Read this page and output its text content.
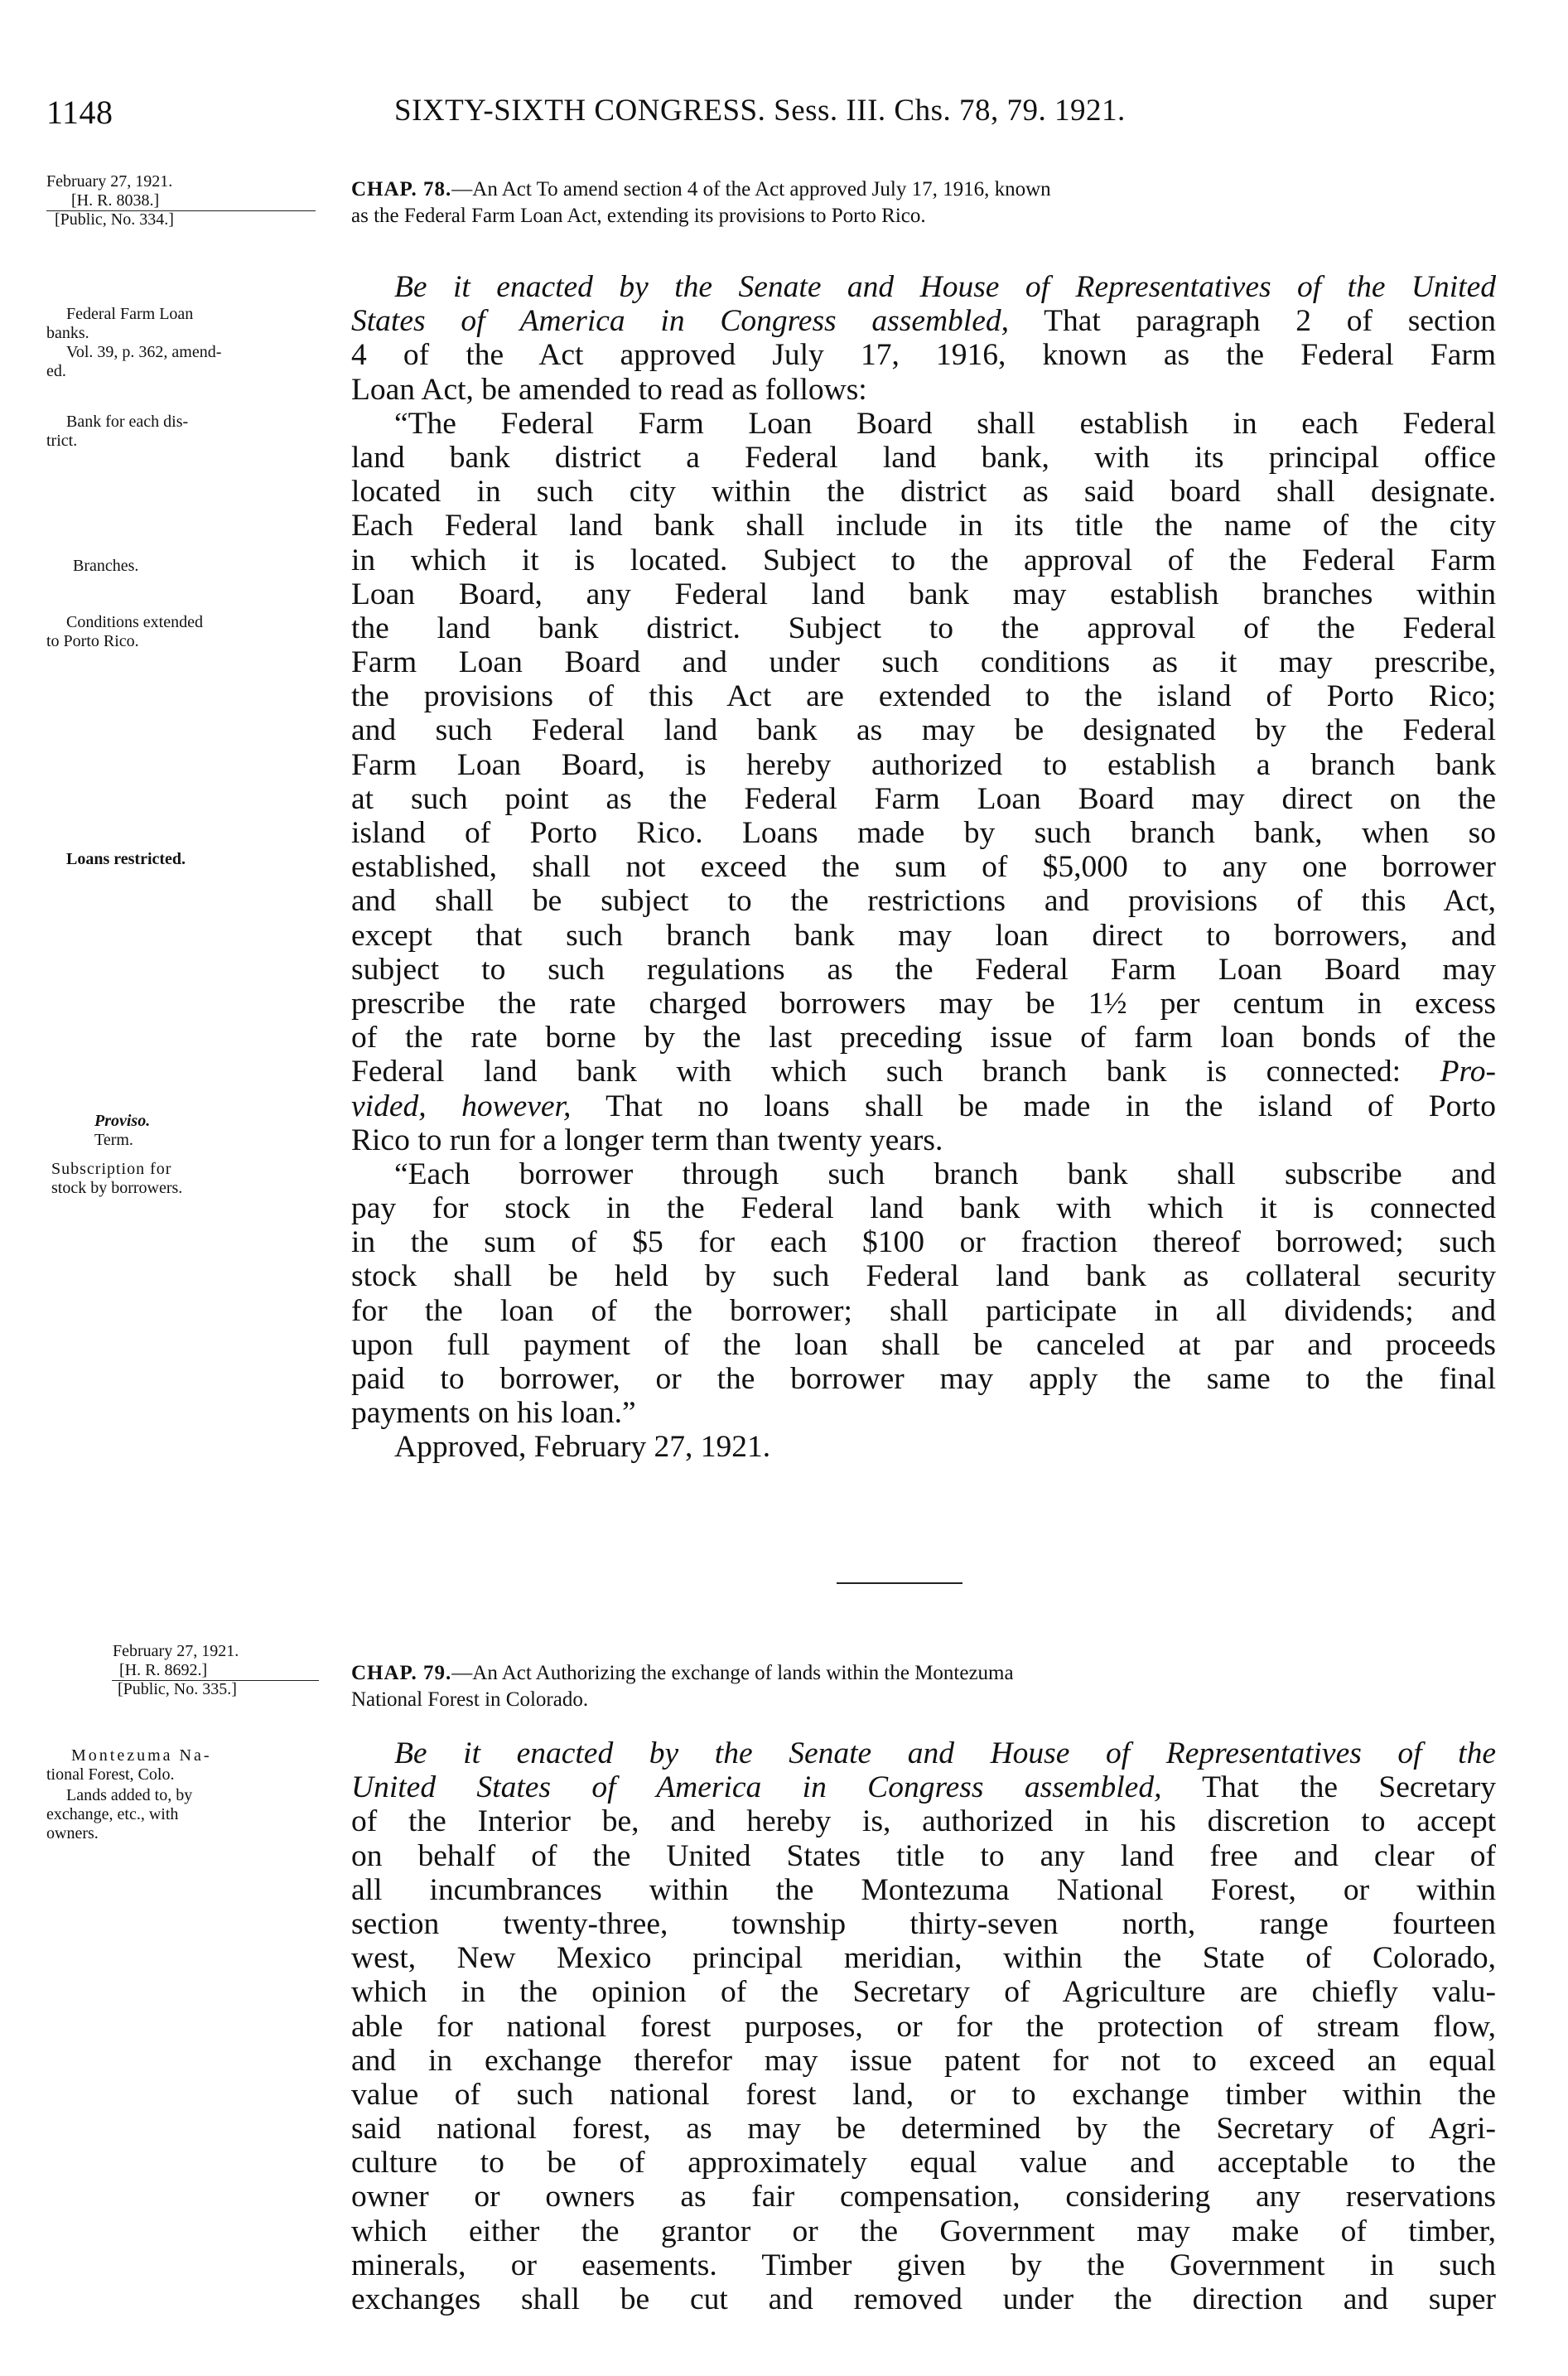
1148	SIXTY-SIXTH CONGRESS. Sess. III. Chs. 78, 79. 1921.
February 27, 1921.
[H. R. 8038.]
[Public, No. 334.]
CHAP. 78.—An Act To amend section 4 of the Act approved July 17, 1916, known
as the Federal Farm Loan Act, extending its provisions to Porto Rico.
Federal Farm Loan
banks.
Vol. 39, p. 362, amend-
ed.
Bank for each dis-
trict.
Branches.
Conditions extended
to Porto Rico.
Loans restricted.
Proviso.
Term.
Subscription for
stock by borrowers.
Be it enacted by the Senate and House of Representatives of the United
States of America in Congress assembled, That paragraph 2 of section
4 of the Act approved July 17, 1916, known as the Federal Farm
Loan Act, be amended to read as follows:
“The Federal Farm Loan Board shall establish in each Federal
land bank district a Federal land bank, with its principal office
located in such city within the district as said board shall designate.
Each Federal land bank shall include in its title the name of the city
in which it is located. Subject to the approval of the Federal Farm
Loan Board, any Federal land bank may establish branches within
the land bank district. Subject to the approval of the Federal
Farm Loan Board and under such conditions as it may prescribe,
the provisions of this Act are extended to the island of Porto Rico;
and such Federal land bank as may be designated by the Federal
Farm Loan Board, is hereby authorized to establish a branch bank
at such point as the Federal Farm Loan Board may direct on the
island of Porto Rico. Loans made by such branch bank, when so
established, shall not exceed the sum of $5,000 to any one borrower
and shall be subject to the restrictions and provisions of this Act,
except that such branch bank may loan direct to borrowers, and
subject to such regulations as the Federal Farm Loan Board may
prescribe the rate charged borrowers may be 1½ per centum in excess
of the rate borne by the last preceding issue of farm loan bonds of the
Federal land bank with which such branch bank is connected: Pro-
vided, however, That no loans shall be made in the island of Porto
Rico to run for a longer term than twenty years.
“Each borrower through such branch bank shall subscribe and
pay for stock in the Federal land bank with which it is connected
in the sum of $5 for each $100 or fraction thereof borrowed; such
stock shall be held by such Federal land bank as collateral security
for the loan of the borrower; shall participate in all dividends; and
upon full payment of the loan shall be canceled at par and proceeds
paid to borrower, or the borrower may apply the same to the final
payments on his loan.”
Approved, February 27, 1921.
February 27, 1921.
[H. R. 8692.]
[Public, No. 335.]
CHAP. 79.—An Act Authorizing the exchange of lands within the Montezuma
National Forest in Colorado.
Montezuma Na-
tional Forest, Colo.
Lands added to, by
exchange, etc., with
owners.
Be it enacted by the Senate and House of Representatives of the
United States of America in Congress assembled, That the Secretary
of the Interior be, and hereby is, authorized in his discretion to accept
on behalf of the United States title to any land free and clear of
all incumbrances within the Montezuma National Forest, or within
section twenty-three, township thirty-seven north, range fourteen
west, New Mexico principal meridian, within the State of Colorado,
which in the opinion of the Secretary of Agriculture are chiefly valu-
able for national forest purposes, or for the protection of stream flow,
and in exchange therefor may issue patent for not to exceed an equal
value of such national forest land, or to exchange timber within the
said national forest, as may be determined by the Secretary of Agri-
culture to be of approximately equal value and acceptable to the
owner or owners as fair compensation, considering any reservations
which either the grantor or the Government may make of timber,
minerals, or easements. Timber given by the Government in such
exchanges shall be cut and removed under the direction and super
